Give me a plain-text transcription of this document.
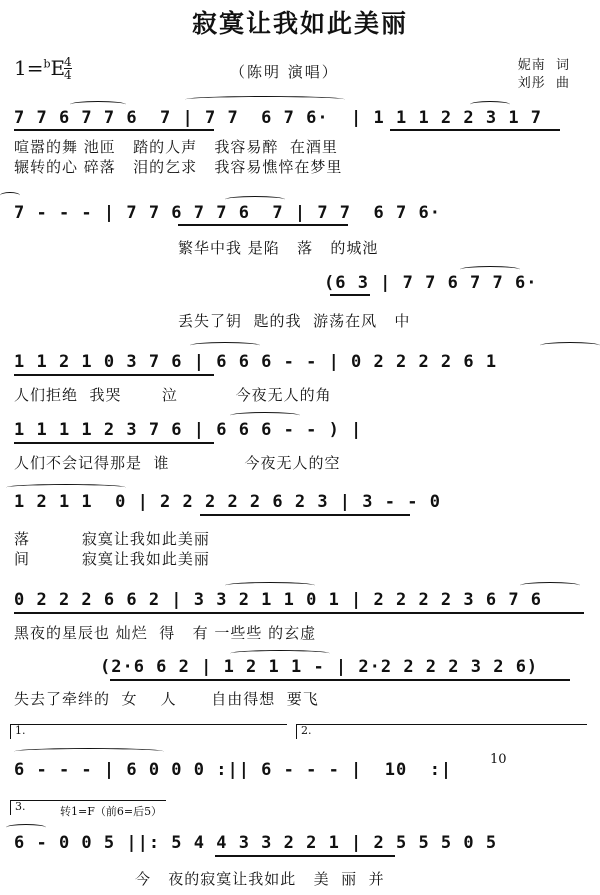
寂寞让我如此美丽
1=$^b$E
4
4	（陈明 演唱）	妮南  词
刘彤  曲
7 7 6 7 7 6  7 | 7 7  6 7 6·  | 1 1 1 2 2 3 1 7
喧嚣的舞 池匝   踏的人声   我容易醉  在酒里
辗转的心 碎落   泪的乞求   我容易憔悴在梦里
7 - - - | 7 7 6 7 7 6  7 | 7 7  6 7 6·
繁华中我 是陷   落   的城池
(6 3 | 7 7 6 7 7 6·
丢失了钥  匙的我  游荡在风   中
1 1 2 1 0 3 7 6 | 6 6 6 - - | 0 2 2 2 2 6 1
人们拒绝  我哭       泣          今夜无人的角
1 1 1 1 2 3 7 6 | 6 6 6 - - ) |
人们不会记得那是  谁             今夜无人的空
1 2 1 1  0 | 2 2 2 2 2 6 2 3 | 3 - - 0
落         寂寞让我如此美丽
间         寂寞让我如此美丽
0 2 2 2 6 6 2 | 3 3 2 1 1 0 1 | 2 2 2 2 3 6 7 6
黑夜的星辰也 灿烂  得   有 一些些 的玄虚
(2·6 6 2 | 1 2 1 1 - | 2·2 2 2 2 3 2 6)
失去了牵绊的  女    人      自由得想  要飞
1.	2.
6 - - - | 6 0 0 0 :|| 6 - - - |  10  :|
10
3.	转1=F（前6=后5）
6 - 0 0 5 ||: 5 4 4 3 3 2 2 1 | 2 5 5 5 0 5
今   夜的寂寞让我如此   美  丽  并
